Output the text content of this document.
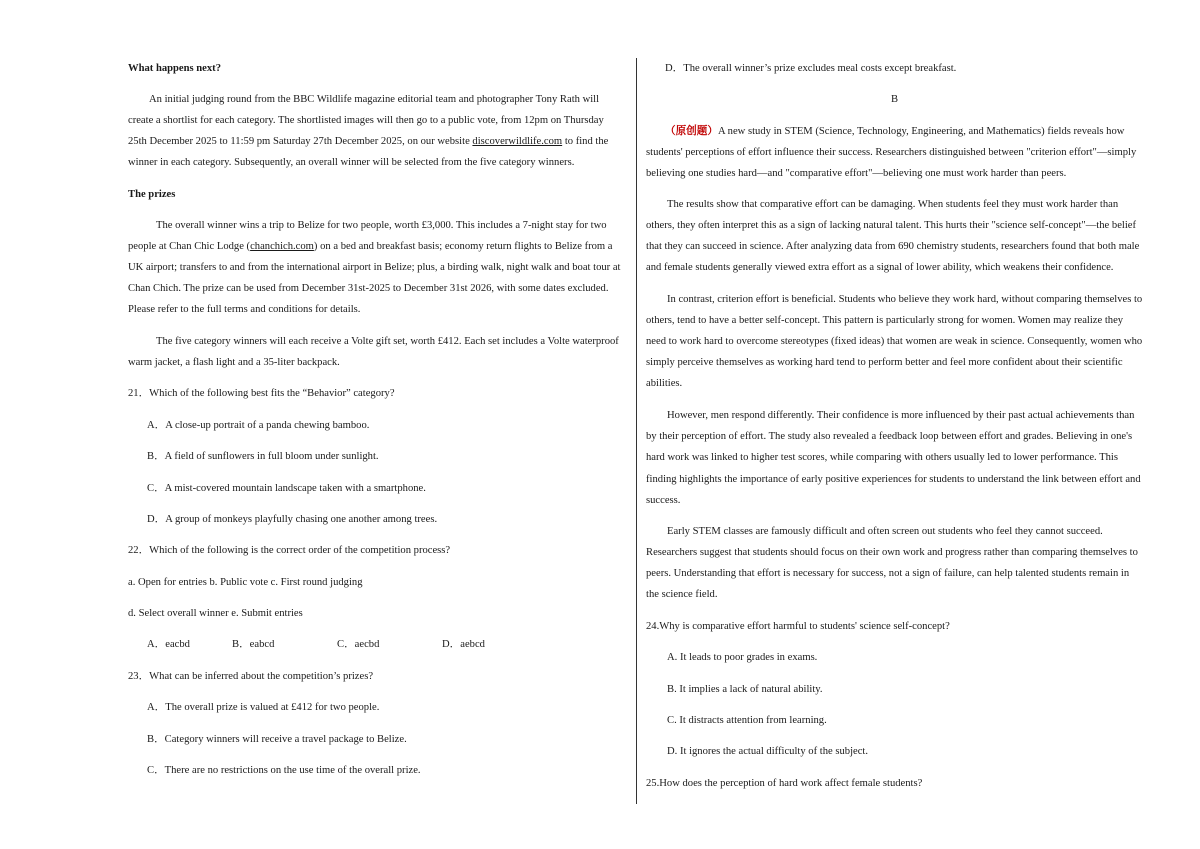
What happens next?
An initial judging round from the BBC Wildlife magazine editorial team and photographer Tony Rath will
create a shortlist for each category. The shortlisted images will then go to a public vote, from 12pm on Thursday
25th December 2025 to 11:59 pm Saturday 27th December 2025, on our website discoverwildlife.com to find the
winner in each category. Subsequently, an overall winner will be selected from the five category winners.
The prizes
The overall winner wins a trip to Belize for two people, worth £3,000. This includes a 7-night stay for two
people at Chan Chic Lodge (chanchich.com) on a bed and breakfast basis; economy return flights to Belize from a
UK airport; transfers to and from the international airport in Belize; plus, a birding walk, night walk and boat tour at
Chan Chich. The prize can be used from December 31st-2025 to December 31st 2026, with some dates excluded.
Please refer to the full terms and conditions for details.
The five category winners will each receive a Volte gift set, worth £412. Each set includes a Volte waterproof
warm jacket, a flash light and a 35-liter backpack.
21．Which of the following best fits the “Behavior” category?
A．A close-up portrait of a panda chewing bamboo.
B．A field of sunflowers in full bloom under sunlight.
C．A mist-covered mountain landscape taken with a smartphone.
D．A group of monkeys playfully chasing one another among trees.
22．Which of the following is the correct order of the competition process?
a. Open for entries b. Public vote c. First round judging
d. Select overall winner e. Submit entries
A．eacbd	B．eabcd	C．aecbd	D．aebcd
23．What can be inferred about the competition’s prizes?
A．The overall prize is valued at £412 for two people.
B．Category winners will receive a travel package to Belize.
C．There are no restrictions on the use time of the overall prize.
D．The overall winner’s prize excludes meal costs except breakfast.
B
（原创题）A new study in STEM (Science, Technology, Engineering, and Mathematics) fields reveals how
students' perceptions of effort influence their success. Researchers distinguished between "criterion effort"—simply
believing one studies hard—and "comparative effort"—believing one must work harder than peers.
The results show that comparative effort can be damaging. When students feel they must work harder than
others, they often interpret this as a sign of lacking natural talent. This hurts their "science self-concept"—the belief
that they can succeed in science. After analyzing data from 690 chemistry students, researchers found that both male
and female students generally viewed extra effort as a signal of lower ability, which weakens their confidence.
In contrast, criterion effort is beneficial. Students who believe they work hard, without comparing themselves to
others, tend to have a better self-concept. This pattern is particularly strong for women. Women may realize they
need to work hard to overcome stereotypes (fixed ideas) that women are weak in science. Consequently, women who
simply perceive themselves as working hard tend to perform better and feel more confident about their scientific
abilities.
However, men respond differently. Their confidence is more influenced by their past actual achievements than
by their perception of effort. The study also revealed a feedback loop between effort and grades. Believing in one's
hard work was linked to higher test scores, while comparing with others usually led to lower performance. This
finding highlights the importance of early positive experiences for students to understand the link between effort and
success.
Early STEM classes are famously difficult and often screen out students who feel they cannot succeed.
Researchers suggest that students should focus on their own work and progress rather than comparing themselves to
peers. Understanding that effort is necessary for success, not a sign of failure, can help talented students remain in
the science field.
24.Why is comparative effort harmful to students' science self-concept?
A. It leads to poor grades in exams.
B. It implies a lack of natural ability.
C. It distracts attention from learning.
D. It ignores the actual difficulty of the subject.
25.How does the perception of hard work affect female students?
